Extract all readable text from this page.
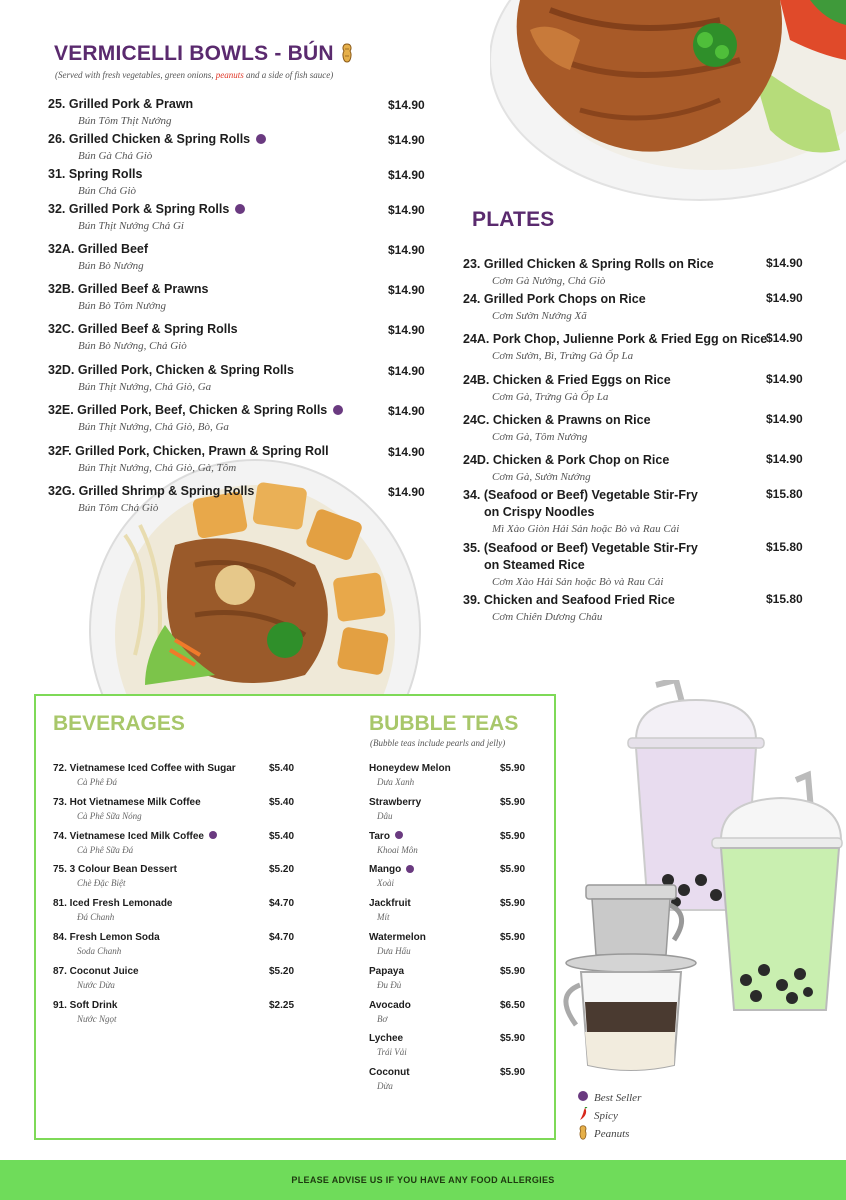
VERMICELLI BOWLS - BÚN
(Served with fresh vegetables, green onions, peanuts and a side of fish sauce)
25. Grilled Pork & Prawn
Bún Tôm Thịt Nướng
$14.90
26. Grilled Chicken & Spring Rolls
Bún Gà Chả Giò
$14.90
31. Spring Rolls
Bún Chả Giò
$14.90
32. Grilled Pork & Spring Rolls
Bún Thịt Nướng Chả Gi
$14.90
32A. Grilled Beef
Bún Bò Nướng
$14.90
32B. Grilled Beef & Prawns
Bún Bò Tôm Nướng
$14.90
32C. Grilled Beef & Spring Rolls
Bún Bò Nướng, Chả Giò
$14.90
32D. Grilled Pork, Chicken & Spring Rolls
Bún Thịt Nướng, Chả Giò, Ga
$14.90
32E. Grilled Pork, Beef, Chicken & Spring Rolls
Bún Thịt Nướng, Chả Giò, Bò, Ga
$14.90
32F. Grilled Pork, Chicken, Prawn & Spring Roll
Bún Thịt Nướng, Chả Giò, Gà, Tôm
$14.90
32G. Grilled Shrimp & Spring Rolls
Bún Tôm Chả Giò
$14.90
PLATES
23. Grilled Chicken & Spring Rolls on Rice
Cơm Gà Nướng, Chả Giò
$14.90
24. Grilled Pork Chops on Rice
Cơm Sườn Nướng Xã
$14.90
24A. Pork Chop, Julienne Pork & Fried Egg on Rice
Cơm Sườn, Bì, Trứng Gà Ốp La
$14.90
24B. Chicken & Fried Eggs on Rice
Cơm Gà, Trứng Gà Ốp La
$14.90
24C. Chicken & Prawns on Rice
Cơm Gà, Tôm Nướng
$14.90
24D. Chicken & Pork Chop on Rice
Cơm Gà, Sườn Nướng
$14.90
34. (Seafood or Beef) Vegetable Stir-Fry
on Crispy Noodles
Mì Xào Giòn Hải Sản hoặc Bò và Rau Cải
$15.80
35. (Seafood or Beef) Vegetable Stir-Fry
on Steamed Rice
Cơm Xào Hải Sản hoặc Bò và Rau Cải
$15.80
39. Chicken and Seafood Fried Rice
Cơm Chiên Dương Châu
$15.80
BEVERAGES	BUBBLE TEAS
(Bubble teas include pearls and jelly)
72. Vietnamese Iced Coffee with Sugar
Cà Phê Đá
$5.40
73. Hot Vietnamese Milk Coffee
Cà Phê Sữa Nóng
$5.40
74. Vietnamese Iced Milk Coffee
Cà Phê Sữa Đá
$5.40
75. 3 Colour Bean Dessert
Chè Đặc Biệt
$5.20
81. Iced Fresh Lemonade
Đá Chanh
$4.70
84. Fresh Lemon Soda
Soda Chanh
$4.70
87. Coconut Juice
Nước Dừa
$5.20
91. Soft Drink
Nước Ngọt
$2.25
Honeydew Melon
Dưa Xanh
$5.90
Strawberry
Dâu
$5.90
Taro
Khoai Môn
$5.90
Mango
Xoài
$5.90
Jackfruit
Mít
$5.90
Watermelon
Dưa Hấu
$5.90
Papaya
Đu Đủ
$5.90
Avocado
Bơ
$6.50
Lychee
Trái Vải
$5.90
Coconut
Dừa
$5.90
Best Seller
Spicy
Peanuts
PLEASE ADVISE US IF YOU HAVE ANY FOOD ALLERGIES
